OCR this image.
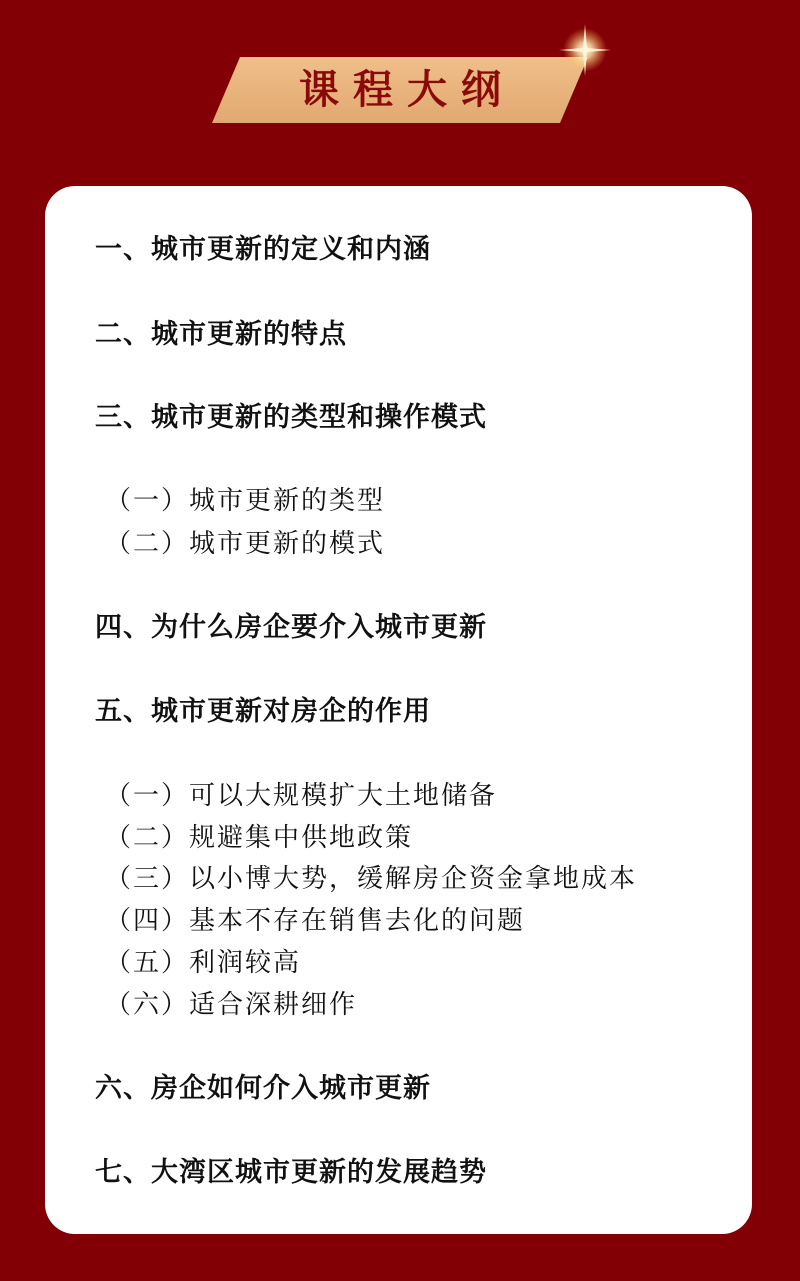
课程大纲
一、城市更新的定义和内涵
二、城市更新的特点
三、城市更新的类型和操作模式
（一）城市更新的类型
（二）城市更新的模式
四、为什么房企要介入城市更新
五、城市更新对房企的作用
（一）可以大规模扩大土地储备
（二）规避集中供地政策
（三）以小博大势，缓解房企资金拿地成本
（四）基本不存在销售去化的问题
（五）利润较高
（六）适合深耕细作
六、房企如何介入城市更新
七、大湾区城市更新的发展趋势
